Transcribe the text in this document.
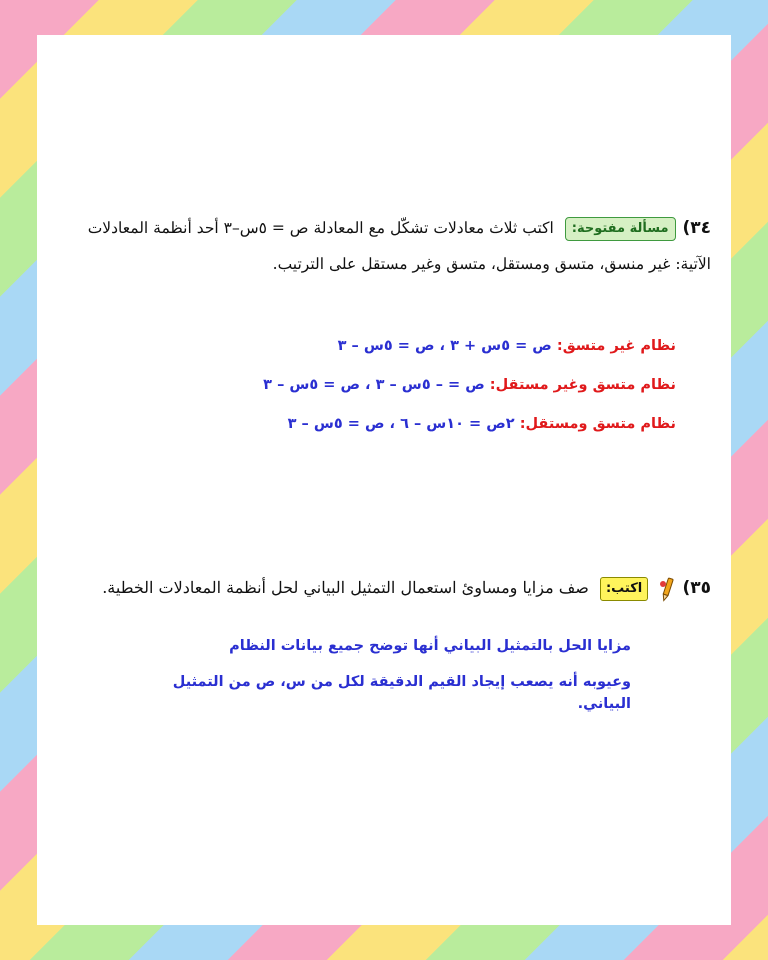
٣٤) مسألة مفتوحة: اكتب ثلاث معادلات تشكّل مع المعادلة ص = ٥س–٣ أحد أنظمة المعادلات الآتية: غير منسق، متسق ومستقل، متسق وغير مستقل على الترتيب.
نظام غير متسق: ص = ٥س + ٣ ، ص = ٥س – ٣
نظام متسق وغير مستقل: ص = – ٥س – ٣ ، ص = ٥س – ٣
نظام متسق ومستقل: ٢ص = ١٠س – ٦ ، ص = ٥س – ٣
٣٥)  اكتب: صف مزايا ومساوئ استعمال التمثيل البياني لحل أنظمة المعادلات الخطية.

مزايا الحل بالتمثيل البياني أنها توضح جميع بيانات النظام

وعيوبه أنه يصعب إيجاد القيم الدقيقة لكل من س، ص من التمثيل البياني.
